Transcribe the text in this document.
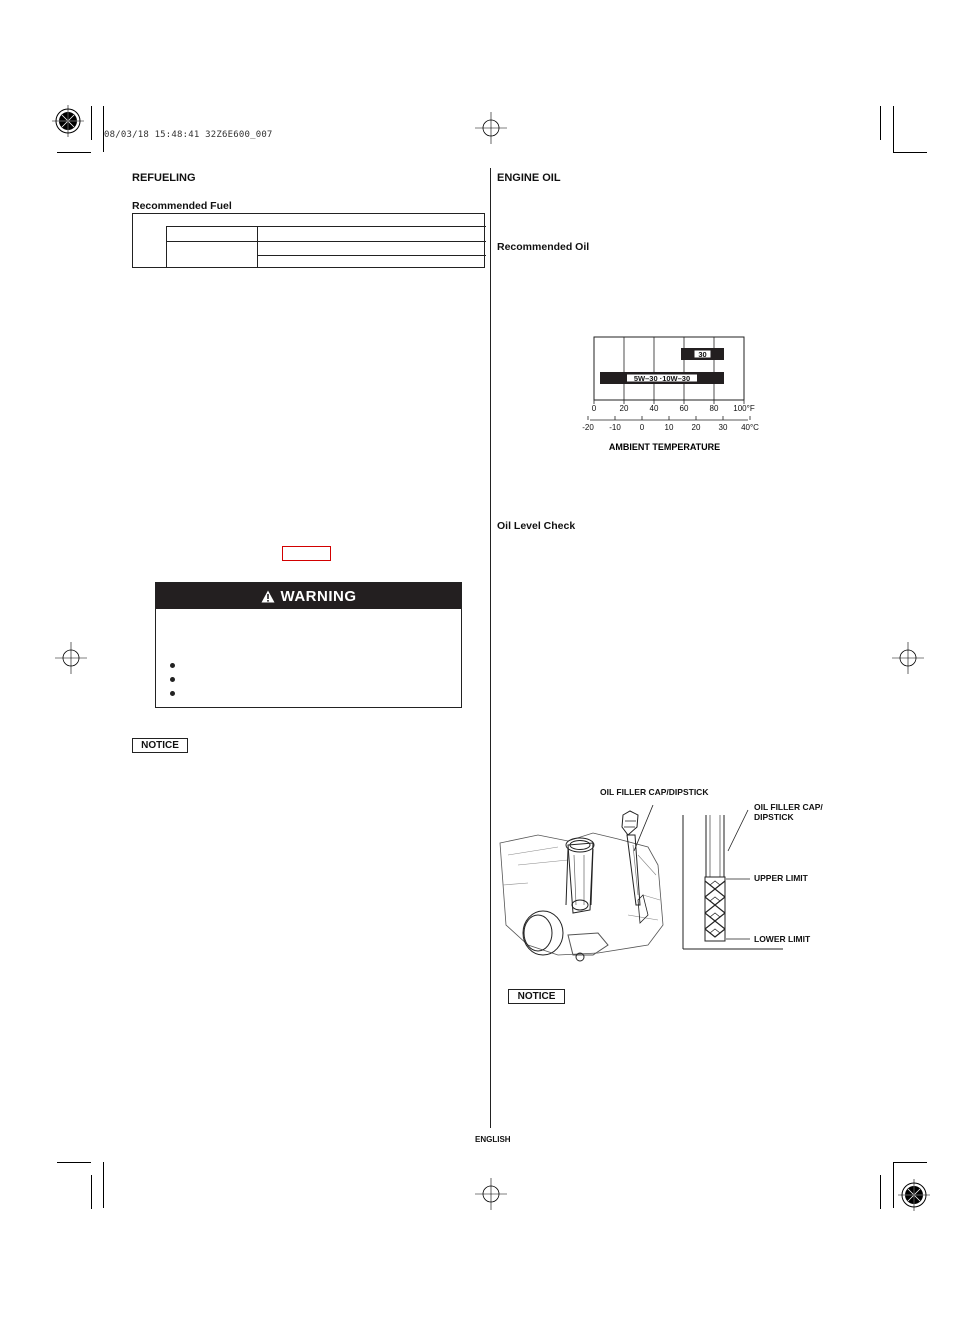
08/03/18 15:48:41 32Z6E600_007
REFUELING
Recommended Fuel
WARNING
NOTICE
ENGINE OIL
Recommended Oil
30
5W–30 ·10W–30
0	20	40	60	80 100°F
-20 -10 0	10 20 30 40°C
AMBIENT TEMPERATURE
Oil Level Check
OIL FILLER CAP/DIPSTICK
OIL FILLER CAP/
DIPSTICK
UPPER LIMIT
LOWER LIMIT
NOTICE
ENGLISH
